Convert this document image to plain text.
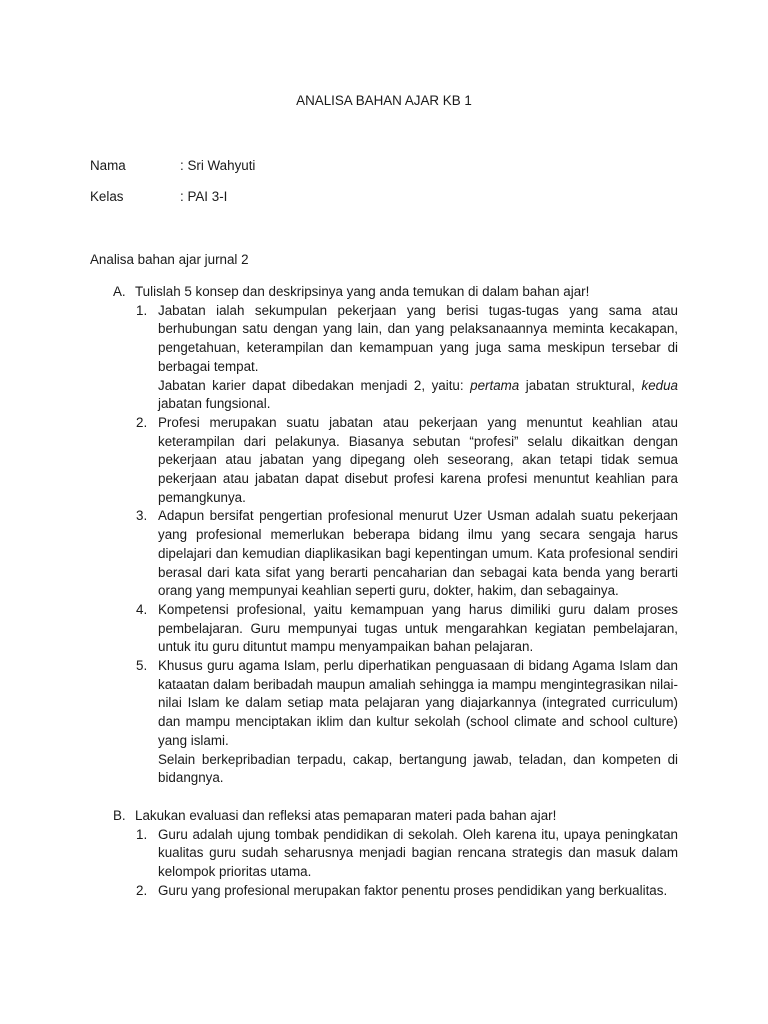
ANALISA BAHAN AJAR KB 1
Nama	: Sri Wahyuti
Kelas	: PAI 3-I
Analisa bahan ajar jurnal 2
A. Tulislah 5 konsep dan deskripsinya yang anda temukan di dalam bahan ajar!
1. Jabatan ialah sekumpulan pekerjaan yang berisi tugas-tugas yang sama atau berhubungan satu dengan yang lain, dan yang pelaksanaannya meminta kecakapan, pengetahuan, keterampilan dan kemampuan yang juga sama meskipun tersebar di berbagai tempat.
Jabatan karier dapat dibedakan menjadi 2, yaitu: pertama jabatan struktural, kedua jabatan fungsional.
2. Profesi merupakan suatu jabatan atau pekerjaan yang menuntut keahlian atau keterampilan dari pelakunya. Biasanya sebutan “profesi” selalu dikaitkan dengan pekerjaan atau jabatan yang dipegang oleh seseorang, akan tetapi tidak semua pekerjaan atau jabatan dapat disebut profesi karena profesi menuntut keahlian para pemangkunya.
3. Adapun bersifat pengertian profesional menurut Uzer Usman adalah suatu pekerjaan yang profesional memerlukan beberapa bidang ilmu yang secara sengaja harus dipelajari dan kemudian diaplikasikan bagi kepentingan umum. Kata profesional sendiri berasal dari kata sifat yang berarti pencaharian dan sebagai kata benda yang berarti orang yang mempunyai keahlian seperti guru, dokter, hakim, dan sebagainya.
4. Kompetensi profesional, yaitu kemampuan yang harus dimiliki guru dalam proses pembelajaran. Guru mempunyai tugas untuk mengarahkan kegiatan pembelajaran, untuk itu guru dituntut mampu menyampaikan bahan pelajaran.
5. Khusus guru agama Islam, perlu diperhatikan penguasaan di bidang Agama Islam dan kataatan dalam beribadah maupun amaliah sehingga ia mampu mengintegrasikan nilai-nilai Islam ke dalam setiap mata pelajaran yang diajarkannya (integrated curriculum) dan mampu menciptakan iklim dan kultur sekolah (school climate and school culture) yang islami.
Selain berkepribadian terpadu, cakap, bertangung jawab, teladan, dan kompeten di bidangnya.
B. Lakukan evaluasi dan refleksi atas pemaparan materi pada bahan ajar!
1. Guru adalah ujung tombak pendidikan di sekolah. Oleh karena itu, upaya peningkatan kualitas guru sudah seharusnya menjadi bagian rencana strategis dan masuk dalam kelompok prioritas utama.
2. Guru yang profesional merupakan faktor penentu proses pendidikan yang berkualitas.
